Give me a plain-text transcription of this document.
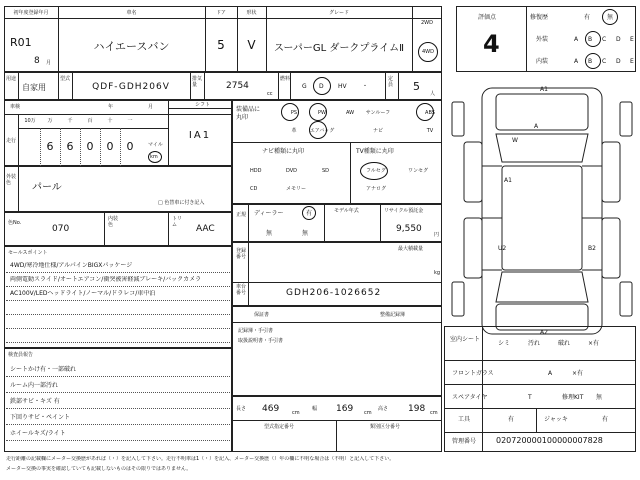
初年度登録年月	車名	ドア	形状	グレード
2WD
R01
8 月
ハイエースバン	5	V	スーパーGL ダークプライムⅡ	4WD
用途
自家用
型式
QDF-GDH206V
排気量	2754
cc
燃料
G D HV	・
定員	5
人
車検	年	月
走行
シフト
IA1
10万	万	千	百	十	一
6	6	0	0	0	マイル
km
外装色	パール
□ 色替車に付き記入
色No.
070
内装色
トリム	AAC
セールスポイント
4WD/寒冷地仕様/アルパインBIGXパッケージ
両側電動スライド/オートエアコン/衝突被害軽減ブレーキ/バックカメラ
AC100V/LEDヘッドライト/ノーマル/ドラレコ/車中泊
検査員報告
シートかけ有・一部破れ
ルーム内一部汚れ
鉄部サビ・キズ 有
下回りサビ・ペイント
ホイールキズ/ライト
装備品に
丸印
PS	PW	AW	サンルーフ	ABS
革	エアバッグ	ナビ	TV
ナビ種類に丸印	TV種類に丸印
HDD	DVD	SD
CD	メモリー
フルセグ	ワンセグ
アナログ
正規 ディーラー	有
無	無
モデル年式	リサイクル預託金
9,550
円
登録番号
最大積載量
kg
車台番号	GDH206-1026652
保証書	整備記録簿
記録簿・手引書
取扱説明書・手引書
長さ 469	cm
幅 169 cm
高さ 198 cm
型式指定番号	類別区分番号
評価点
4
修復歴
外装
内装
有	無
A B C D E
A B C D E
A1
W
A
A1
U2	B2
A2
室内シート
シミ	汚れ	破れ	×有
フロントガラス	A	×有
スペアタイヤ	T	修理KIT 無
工具	有	ジャッキ	有
管理番号 020720000100000007828
走行距離の記載欄にメーター交換歴があれば（・）を記入して下さい。走行不明車は1（・）を記入、メーター交換歴（）年の欄に不明な場合は（不明）と記入して下さい。
メーター交換の事実を確認していても記載しないものはその限りではありません。
